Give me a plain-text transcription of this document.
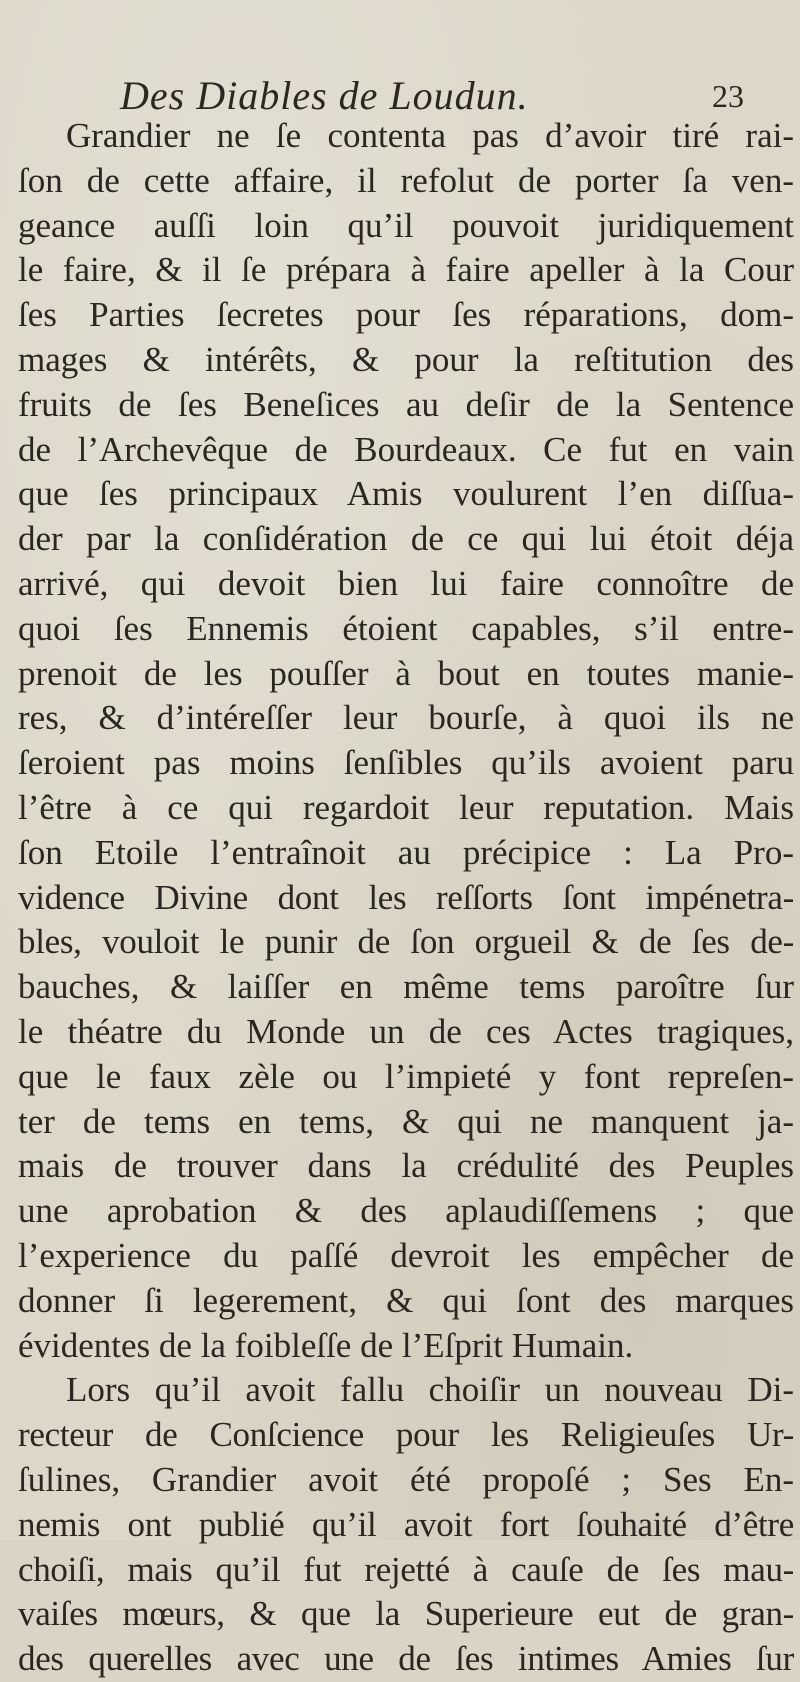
Des Diables de Loudun.	23
Grandier ne ſe contenta pas d’avoir tiré rai-
ſon de cette affaire, il refolut de porter ſa ven-
geance auſſi loin qu’il pouvoit juridiquement
le faire, & il ſe prépara à faire apeller à la Cour
ſes Parties ſecretes pour ſes réparations, dom-
mages & intérêts, & pour la reſtitution des
fruits de ſes Beneſices au deſir de la Sentence
de l’Archevêque de Bourdeaux. Ce fut en vain
que ſes principaux Amis voulurent l’en diſſua-
der par la conſidération de ce qui lui étoit déja
arrivé, qui devoit bien lui faire connoître de
quoi ſes Ennemis étoient capables, s’il entre-
prenoit de les pouſſer à bout en toutes manie-
res, & d’intéreſſer leur bourſe, à quoi ils ne
ſeroient pas moins ſenſibles qu’ils avoient paru
l’être à ce qui regardoit leur reputation. Mais
ſon Etoile l’entraînoit au précipice : La Pro-
vidence Divine dont les reſſorts ſont impénetra-
bles, vouloit le punir de ſon orgueil & de ſes de-
bauches, & laiſſer en même tems paroître ſur
le théatre du Monde un de ces Actes tragiques,
que le faux zèle ou l’impieté y font repreſen-
ter de tems en tems, & qui ne manquent ja-
mais de trouver dans la crédulité des Peuples
une aprobation & des aplaudiſſemens ; que
l’experience du paſſé devroit les empêcher de
donner ſi legerement, & qui ſont des marques
évidentes de la foibleſſe de l’Eſprit Humain.
Lors qu’il avoit fallu choiſir un nouveau Di-
recteur de Conſcience pour les Religieuſes Ur-
ſulines, Grandier avoit été propoſé ; Ses En-
nemis ont publié qu’il avoit fort ſouhaité d’être
choiſi, mais qu’il fut rejetté à cauſe de ſes mau-
vaiſes mœurs, & que la Superieure eut de gran-
des querelles avec une de ſes intimes Amies ſur
